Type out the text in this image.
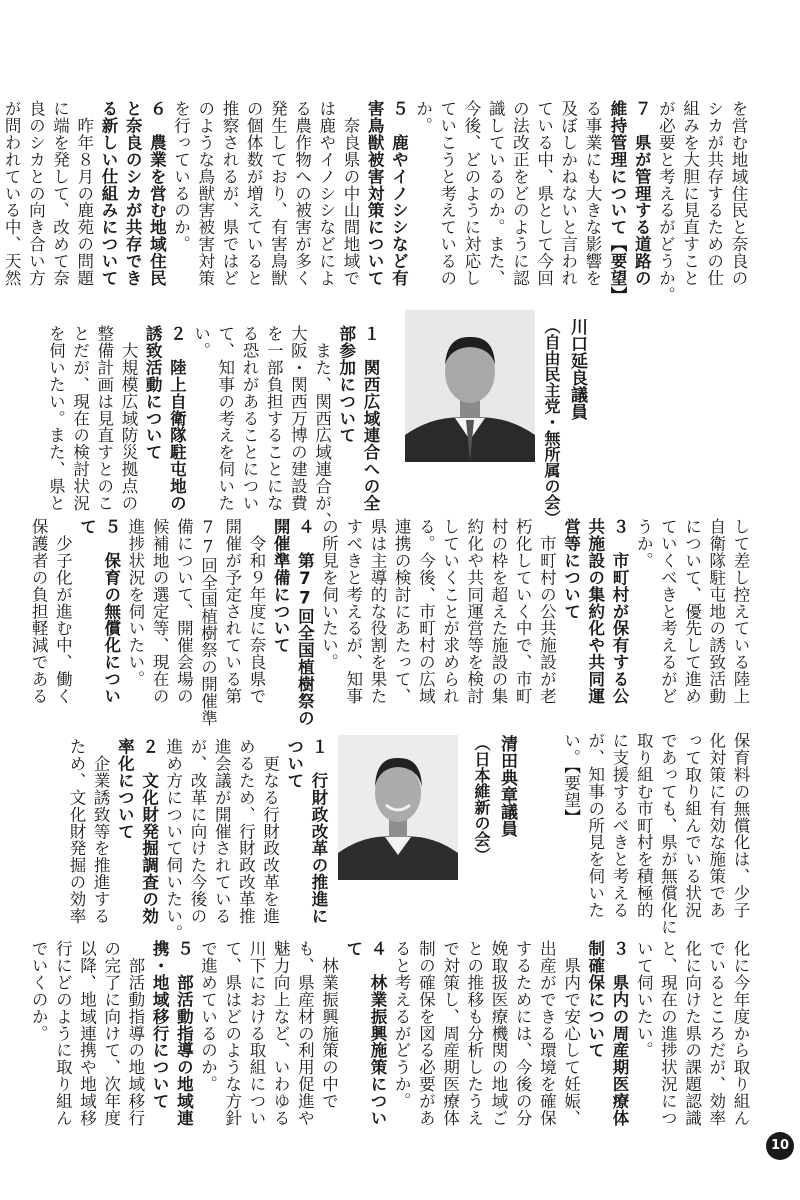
る事業にも大きな影響を
及ぼしかねないと言われ
ている中、県として今回
の法改正をどのように認
識しているのか。また、
今後、どのように対応し
ていこうと考えているの
か。
５　鹿やイノシシなど有
害鳥獣被害対策について
　奈良県の中山間地域で
は鹿やイノシシなどによ
る農作物への被害が多く
発生しており、有害鳥獣
の個体数が増えていると
推察されるが、県ではど
のような鳥獣害被害対策
を行っているのか。
６　農業を営む地域住民
と奈良のシカが共存でき
る新しい仕組みについて
　昨年８月の鹿苑の問題
に端を発して、改めて奈
良のシカとの向き合い方
が問われている中、天然	を営む地域住民と奈良の
シカが共存するための仕
組みを大胆に見直すこと
が必要と考えるがどうか。
７　県が管理する道路の
維持管理について【要望】
川口延良議員
（自由民主党・無所属の会）
１　関西広域連合への全
部参加について
　また、関西広域連合が、
大阪・関西万博の建設費
を一部負担することにな
る恐れがあることについ
て、知事の考えを伺いた
い。
２　陸上自衛隊駐屯地の
誘致活動について
　大規模広域防災拠点の
整備計画は見直すとのこ
とだが、現在の検討状況
を伺いたい。また、県と
して差し控えている陸上
自衛隊駐屯地の誘致活動
について、優先して進め
ていくべきと考えるがど
うか。
３　市町村が保有する公
共施設の集約化や共同運
営等について
　市町村の公共施設が老
朽化していく中で、市町
村の枠を超えた施設の集
約化や共同運営等を検討
していくことが求められ
る。今後、市町村の広域
連携の検討にあたって、
県は主導的な役割を果た
すべきと考えるが、知事
の所見を伺いたい。
４　第77回全国植樹祭の
開催準備について
　令和９年度に奈良県で
開催が予定されている第
77回全国植樹祭の開催準
備について、開催会場の
候補地の選定等、現在の
進捗状況を伺いたい。
５　保育の無償化につい
て
　少子化が進む中、働く
保護者の負担軽減である
保育料の無償化は、少子
化対策に有効な施策であ
って取り組んでいる状況
であっても、県が無償化に
取り組む市町村を積極的
に支援するべきと考える
が、知事の所見を伺いた
い。【要望】
清田典章議員
（日本維新の会）
１　行財政改革の推進に
ついて
　更なる行財政改革を進
めるため、行財政改革推
進会議が開催されている
が、改革に向けた今後の
進め方について伺いたい。
２　文化財発掘調査の効
率化について
　企業誘致等を推進する
ため、文化財発掘の効率
化に今年度から取り組ん
でいるところだが、効率
化に向けた県の課題認識
と、現在の進捗状況につ
いて伺いたい。
３　県内の周産期医療体
制確保について
　県内で安心して妊娠、
出産ができる環境を確保
するためには、今後の分
娩取扱医療機関の地域ご
との推移も分析したうえ
で対策し、周産期医療体
制の確保を図る必要があ
ると考えるがどうか。
４　林業振興施策につい
て
　林業振興施策の中で
も、県産材の利用促進や
魅力向上など、いわゆる
川下における取組につい
て、県はどのような方針
で進めているのか。
５　部活動指導の地域連
携・地域移行について
　部活動指導の地域移行
の完了に向けて、次年度
以降、地域連携や地域移
行にどのように取り組ん
でいくのか。
10
